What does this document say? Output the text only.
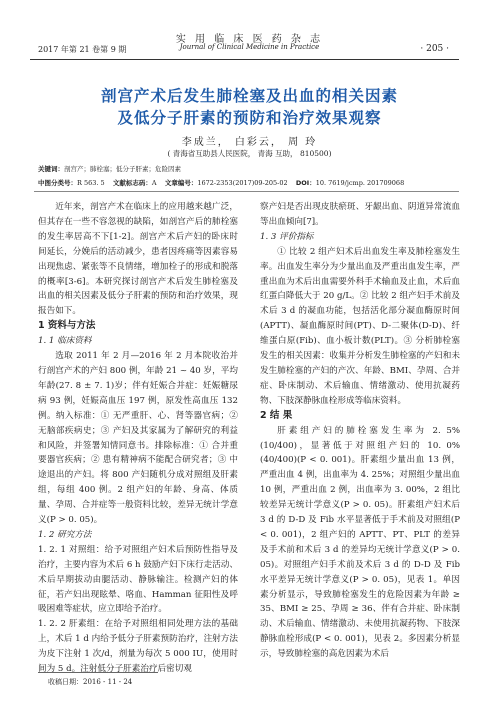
2017 年第 21 卷第 9 期
实 用 临 床 医 药 杂 志
Journal of Clinical Medicine in Practice	· 205 ·
剖宫产术后发生肺栓塞及出血的相关因素
及低分子肝素的预防和治疗效果观察
李成兰， 白彩云， 周 玲
( 青海省互助县人民医院， 青海 互助， 810500)
关键词：剖宫产；肺栓塞；低分子肝素；危险因素
中图分类号：R 563. 5 文献标志码：A 文章编号：1672-2353(2017)09-205-02 DOI：10. 7619/jcmp. 201709068

近年来，剖宫产术在临床上的应用越来越广泛，但其存在一些不容忽视的缺陷，如剖宫产后的肺栓塞的发生率居高不下[1-2]。剖宫产术后产妇的卧床时间延长，分娩后的活动减少，患者因疼痛等因素容易出现焦虑、紧张等不良情绪，增加栓子的形成和脱落的概率[3-6]。本研究探讨剖宫产术后发生肺栓塞及出血的相关因素及低分子肝素的预防和治疗效果，现报告如下。

1 资料与方法

1. 1 临床资料

选取 2011 年 2 月—2016 年 2 月本院收治并行剖宫产术的产妇 800 例，年龄 21 ~ 40 岁，平均年龄(27. 8 ± 7. 1)岁；伴有妊娠合并症：妊娠糖尿病 93 例，妊娠高血压 197 例，原发性高血压 132 例。纳入标准：① 无严重肝、心、肾等器官病；② 无脑部疾病史；③ 产妇及其家属为了解研究的利益和风险，并签署知情同意书。排除标准：① 合并重要器官疾病；② 患有精神病不能配合研究者；③ 中途退出的产妇。将 800 产妇随机分成对照组及肝素组，每组 400 例。2 组产妇的年龄、身高、体质量、孕周、合并症等一般资料比较，差异无统计学意义(P > 0. 05)。

1. 2 研究方法

1. 2. 1 对照组：给予对照组产妇术后预防性指导及治疗，主要内容为术后 6 h 鼓励产妇下床行走活动、术后早期拔动由腿活动、静脉输注。检测产妇的体征，若产妇出现眩晕、咯血、Hamman 征阳性及呼吸困难等症状，应立即给予治疗。

1. 2. 2 肝素组：在给予对照组相同处理方法的基础上，术后 1 d 内给予低分子肝素预防治疗，注射方法为皮下注射 1 次/d，剂量为每次 5 000 IU，使用时间为 5 d。注射低分子肝素治疗后密切观

察产妇是否出现皮肤瘀斑、牙龈出血、阴道异常流血等出血倾向[7]。

1. 3 评价指标

① 比较 2 组产妇术后出血发生率及肺栓塞发生率。出血发生率分为少量出血及严重出血发生率，严重出血为术后出血需要外科手术输血及止血，术后血红蛋白降低大于 20 g/L。② 比较 2 组产妇手术前及术后 3 d 的凝血功能，包括活化部分凝血酶原时间(APTT)、凝血酶原时间(PT)、D-二聚体(D-D)、纤维蛋白原(Fib)、血小板计数(PLT)。③ 分析肺栓塞发生的相关因素：收集并分析发生肺栓塞的产妇和未发生肺栓塞的产妇的产次、年龄、BMI、孕周、合并症、卧床制动、术后输血、情绪激动、使用抗凝药物、下肢深静脉血栓形成等临床资料。

2 结 果

肝素组产妇的肺栓塞发生率为 2. 5% (10/400)，显著低于对照组产妇的 10. 0% (40/400)(P < 0. 001)。肝素组少量出血 13 例，严重出血 4 例，出血率为 4. 25%；对照组少量出血 10 例，严重出血 2 例，出血率为 3. 00%，2 组比较差异无统计学意义(P > 0. 05)。肝素组产妇术后 3 d 的 D-D 及 Fib 水平显著低于手术前及对照组(P < 0. 001)，2 组产妇的 APTT、PT、PLT 的差异及手术前和术后 3 d 的差异均无统计学意义(P > 0. 05)。对照组产妇手术前及术后 3 d 的 D-D 及 Fib 水平差异无统计学意义(P > 0. 05)，见表 1。单因素分析显示，导致肺栓塞发生的危险因素为年龄 ≥ 35、BMI ≥ 25、孕周 ≥ 36、伴有合并症、卧床制动、术后输血、情绪激动、未使用抗凝药物、下肢深静脉血栓形成(P < 0. 001)，见表 2。多因素分析显示，导致肺栓塞的高危因素为术后

收稿日期：2016 - 11 - 24
